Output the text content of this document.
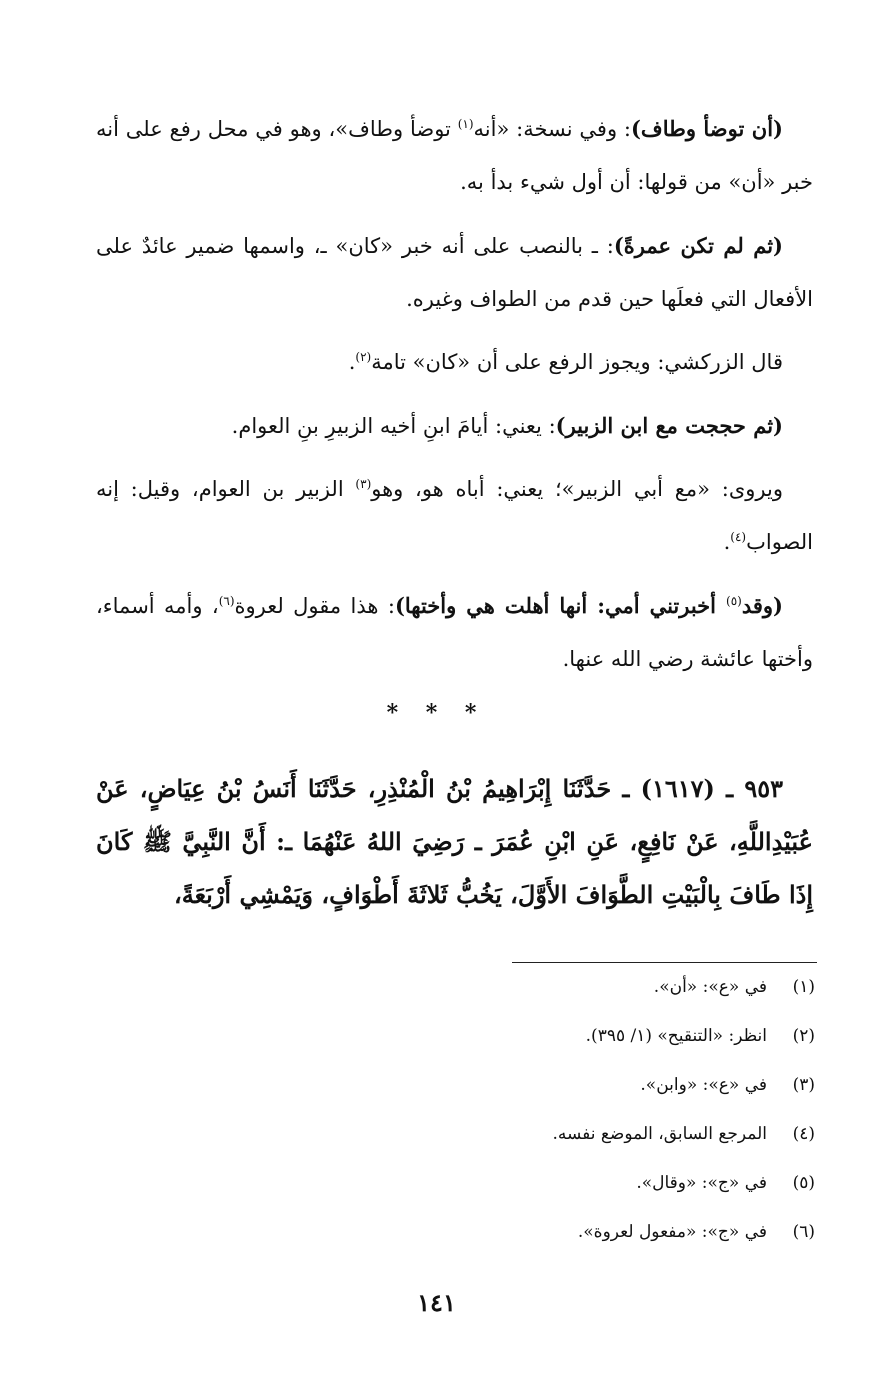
(أن توضأ وطاف): وفي نسخة: «أنه$^{(١)}$ توضأ وطاف»، وهو في محل رفع على أنه خبر «أن» من قولها: أن أول شيء بدأ به.

(ثم لم تكن عمرةً): ـ بالنصب على أنه خبر «كان» ـ، واسمها ضمير عائدٌ على الأفعال التي فعلَها حين قدم من الطواف وغيره.

قال الزركشي: ويجوز الرفع على أن «كان» تامة$^{(٢)}$.

(ثم حججت مع ابن الزبير): يعني: أيامَ ابنِ أخيه الزبيرِ بنِ العوام.

ويروى: «مع أبي الزبير»؛ يعني: أباه هو، وهو$^{(٣)}$ الزبير بن العوام، وقيل: إنه الصواب$^{(٤)}$.

(وقد$^{(٥)}$ أخبرتني أمي: أنها أهلت هي وأختها): هذا مقول لعروة$^{(٦)}$، وأمه أسماء، وأختها عائشة رضي الله عنها.

* * *

٩٥٣ ـ (١٦١٧) ـ حَدَّثَنَا إِبْرَاهِيمُ بْنُ الْمُنْذِرِ، حَدَّثَنَا أَنَسُ بْنُ عِيَاضٍ، عَنْ عُبَيْدِاللَّهِ، عَنْ نَافِعٍ، عَنِ ابْنِ عُمَرَ ـ رَضِيَ اللهُ عَنْهُمَا ـ: أَنَّ النَّبِيَّ ﷺ كَانَ إِذَا طَافَ بِالْبَيْتِ الطَّوَافَ الأَوَّلَ، يَخُبُّ ثَلاثَةَ أَطْوَافٍ، وَيَمْشِي أَرْبَعَةً،

(١)
في «ع»: «أن».
(٢)
انظر: «التنقيح» (١/ ٣٩٥).
(٣)
في «ع»: «وابن».
(٤)
المرجع السابق، الموضع نفسه.
(٥)
في «ج»: «وقال».
(٦)
في «ج»: «مفعول لعروة».
١٤١
